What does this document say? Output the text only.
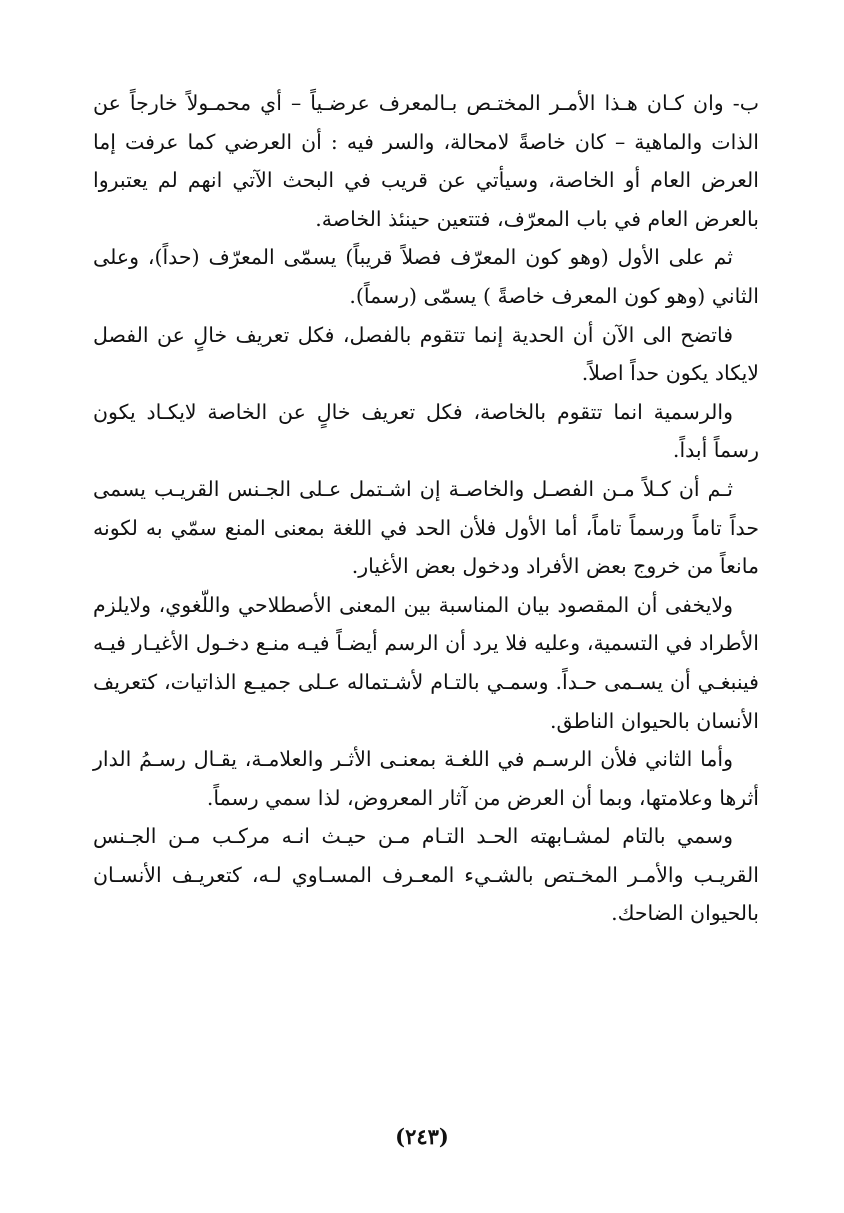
ب- وان كـان هـذا الأمـر المختـص بـالمعرف عرضـياً – أي محمـولاً خارجاً عن الذات والماهية – كان خاصةً لامحالة، والسر فيه : أن العرضي كما عرفت إما العرض العام أو الخاصة، وسيأتي عن قريب في البحث الآتي انهم لم يعتبروا بالعرض العام في باب المعرّف، فتتعين حينئذ الخاصة.

ثم على الأول (وهو كون المعرّف فصلاً قريباً) يسمّى المعرّف (حداً)، وعلى الثاني (وهو كون المعرف خاصةً ) يسمّى (رسماً).

فاتضح الى الآن أن الحدية إنما تتقوم بالفصل، فكل تعريف خالٍ عن الفصل لايكاد يكون حداً اصلاً.

والرسمية انما تتقوم بالخاصة، فكل تعريف خالٍ عن الخاصة لايكـاد يكون رسماً أبداً.

ثـم أن كـلاً مـن الفصـل والخاصـة إن اشـتمل عـلى الجـنس القريـب يسمى حداً تاماً ورسماً تاماً، أما الأول فلأن الحد في اللغة بمعنى المنع سمّي به لكونه مانعاً من خروج بعض الأفراد ودخول بعض الأغيار.

ولايخفى أن المقصود بيان المناسبة بين المعنى الأصطلاحي واللّغوي، ولايلزم الأطراد في التسمية، وعليه فلا يرد أن الرسم أيضـاً فيـه منـع دخـول الأغيـار فيـه فينبغـي أن يسـمى حـداً. وسمـي بالتـام لأشـتماله عـلى جميـع الذاتيات، كتعريف الأنسان بالحيوان الناطق.

وأما الثاني فلأن الرسـم في اللغـة بمعنـى الأثـر والعلامـة، يقـال رسـمُ الدار أثرها وعلامتها، وبما أن العرض من آثار المعروض، لذا سمي رسماً.

وسمي بالتام لمشـابهته الحـد التـام مـن حيـث انـه مركـب مـن الجـنس القريـب والأمـر المخـتص بالشـيء المعـرف المسـاوي لـه، كتعريـف الأنسـان بالحيوان الضاحك.

(٢٤٣)
